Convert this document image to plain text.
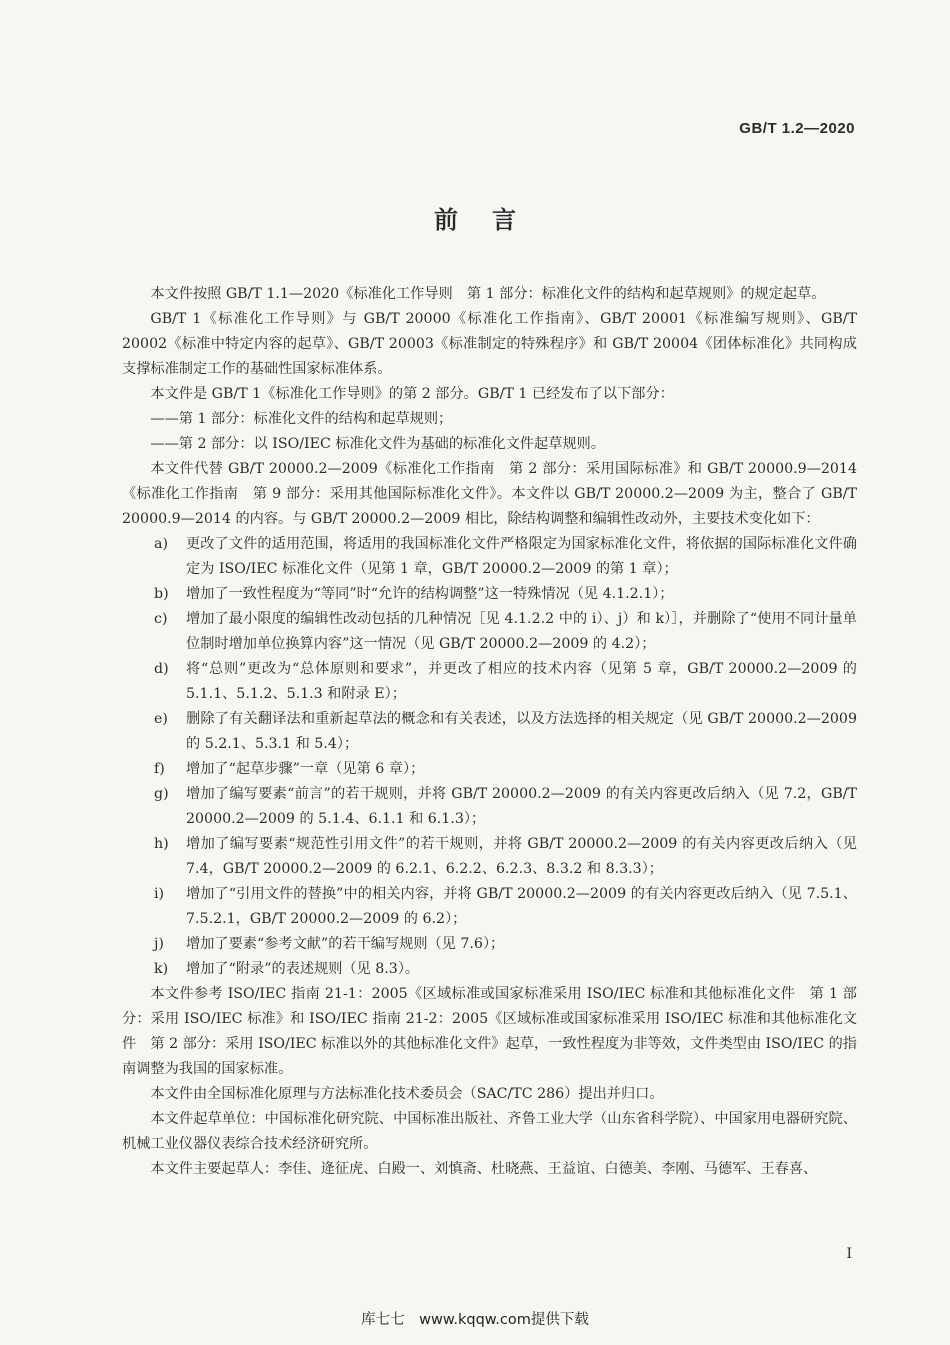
GB/T 1.2—2020
前言

本文件按照 GB/T 1.1—2020《标准化工作导则　第 1 部分：标准化文件的结构和起草规则》的规定起草。

GB/T 1《标准化工作导则》与 GB/T 20000《标准化工作指南》、GB/T 20001《标准编写规则》、GB/T 20002《标准中特定内容的起草》、GB/T 20003《标准制定的特殊程序》和 GB/T 20004《团体标准化》共同构成支撑标准制定工作的基础性国家标准体系。

本文件是 GB/T 1《标准化工作导则》的第 2 部分。GB/T 1 已经发布了以下部分：

——第 1 部分：标准化文件的结构和起草规则；

——第 2 部分：以 ISO/IEC 标准化文件为基础的标准化文件起草规则。

本文件代替 GB/T 20000.2—2009《标准化工作指南　第 2 部分：采用国际标准》和 GB/T 20000.9—2014《标准化工作指南　第 9 部分：采用其他国际标准化文件》。本文件以 GB/T 20000.2—2009 为主，整合了 GB/T 20000.9—2014 的内容。与 GB/T 20000.2—2009 相比，除结构调整和编辑性改动外，主要技术变化如下：

a) 更改了文件的适用范围，将适用的我国标准化文件严格限定为国家标准化文件，将依据的国际标准化文件确定为 ISO/IEC 标准化文件（见第 1 章，GB/T 20000.2—2009 的第 1 章）；

b) 增加了一致性程度为“等同”时“允许的结构调整”这一特殊情况（见 4.1.2.1）；

c) 增加了最小限度的编辑性改动包括的几种情况［见 4.1.2.2 中的 i）、j）和 k）］，并删除了“使用不同计量单位制时增加单位换算内容”这一情况（见 GB/T 20000.2—2009 的 4.2）；

d) 将“总则”更改为“总体原则和要求”，并更改了相应的技术内容（见第 5 章，GB/T 20000.2—2009 的 5.1.1、5.1.2、5.1.3 和附录 E）；

e) 删除了有关翻译法和重新起草法的概念和有关表述，以及方法选择的相关规定（见 GB/T 20000.2—2009 的 5.2.1、5.3.1 和 5.4）；

f) 增加了“起草步骤”一章（见第 6 章）；

g) 增加了编写要素“前言”的若干规则，并将 GB/T 20000.2—2009 的有关内容更改后纳入（见 7.2，GB/T 20000.2—2009 的 5.1.4、6.1.1 和 6.1.3）；

h) 增加了编写要素“规范性引用文件”的若干规则，并将 GB/T 20000.2—2009 的有关内容更改后纳入（见 7.4，GB/T 20000.2—2009 的 6.2.1、6.2.2、6.2.3、8.3.2 和 8.3.3）；

i) 增加了“引用文件的替换”中的相关内容，并将 GB/T 20000.2—2009 的有关内容更改后纳入（见 7.5.1、7.5.2.1，GB/T 20000.2—2009 的 6.2）；

j) 增加了要素“参考文献”的若干编写规则（见 7.6）；

k) 增加了“附录”的表述规则（见 8.3）。

本文件参考 ISO/IEC 指南 21-1：2005《区域标准或国家标准采用 ISO/IEC 标准和其他标准化文件　第 1 部分：采用 ISO/IEC 标准》和 ISO/IEC 指南 21-2：2005《区域标准或国家标准采用 ISO/IEC 标准和其他标准化文件　第 2 部分：采用 ISO/IEC 标准以外的其他标准化文件》起草，一致性程度为非等效，文件类型由 ISO/IEC 的指南调整为我国的国家标准。

本文件由全国标准化原理与方法标准化技术委员会（SAC/TC 286）提出并归口。

本文件起草单位：中国标准化研究院、中国标准出版社、齐鲁工业大学（山东省科学院）、中国家用电器研究院、机械工业仪器仪表综合技术经济研究所。

本文件主要起草人：李佳、逄征虎、白殿一、刘慎斋、杜晓燕、王益谊、白德美、李刚、马德军、王春喜、

I
库七七　www.kqqw.com提供下载
